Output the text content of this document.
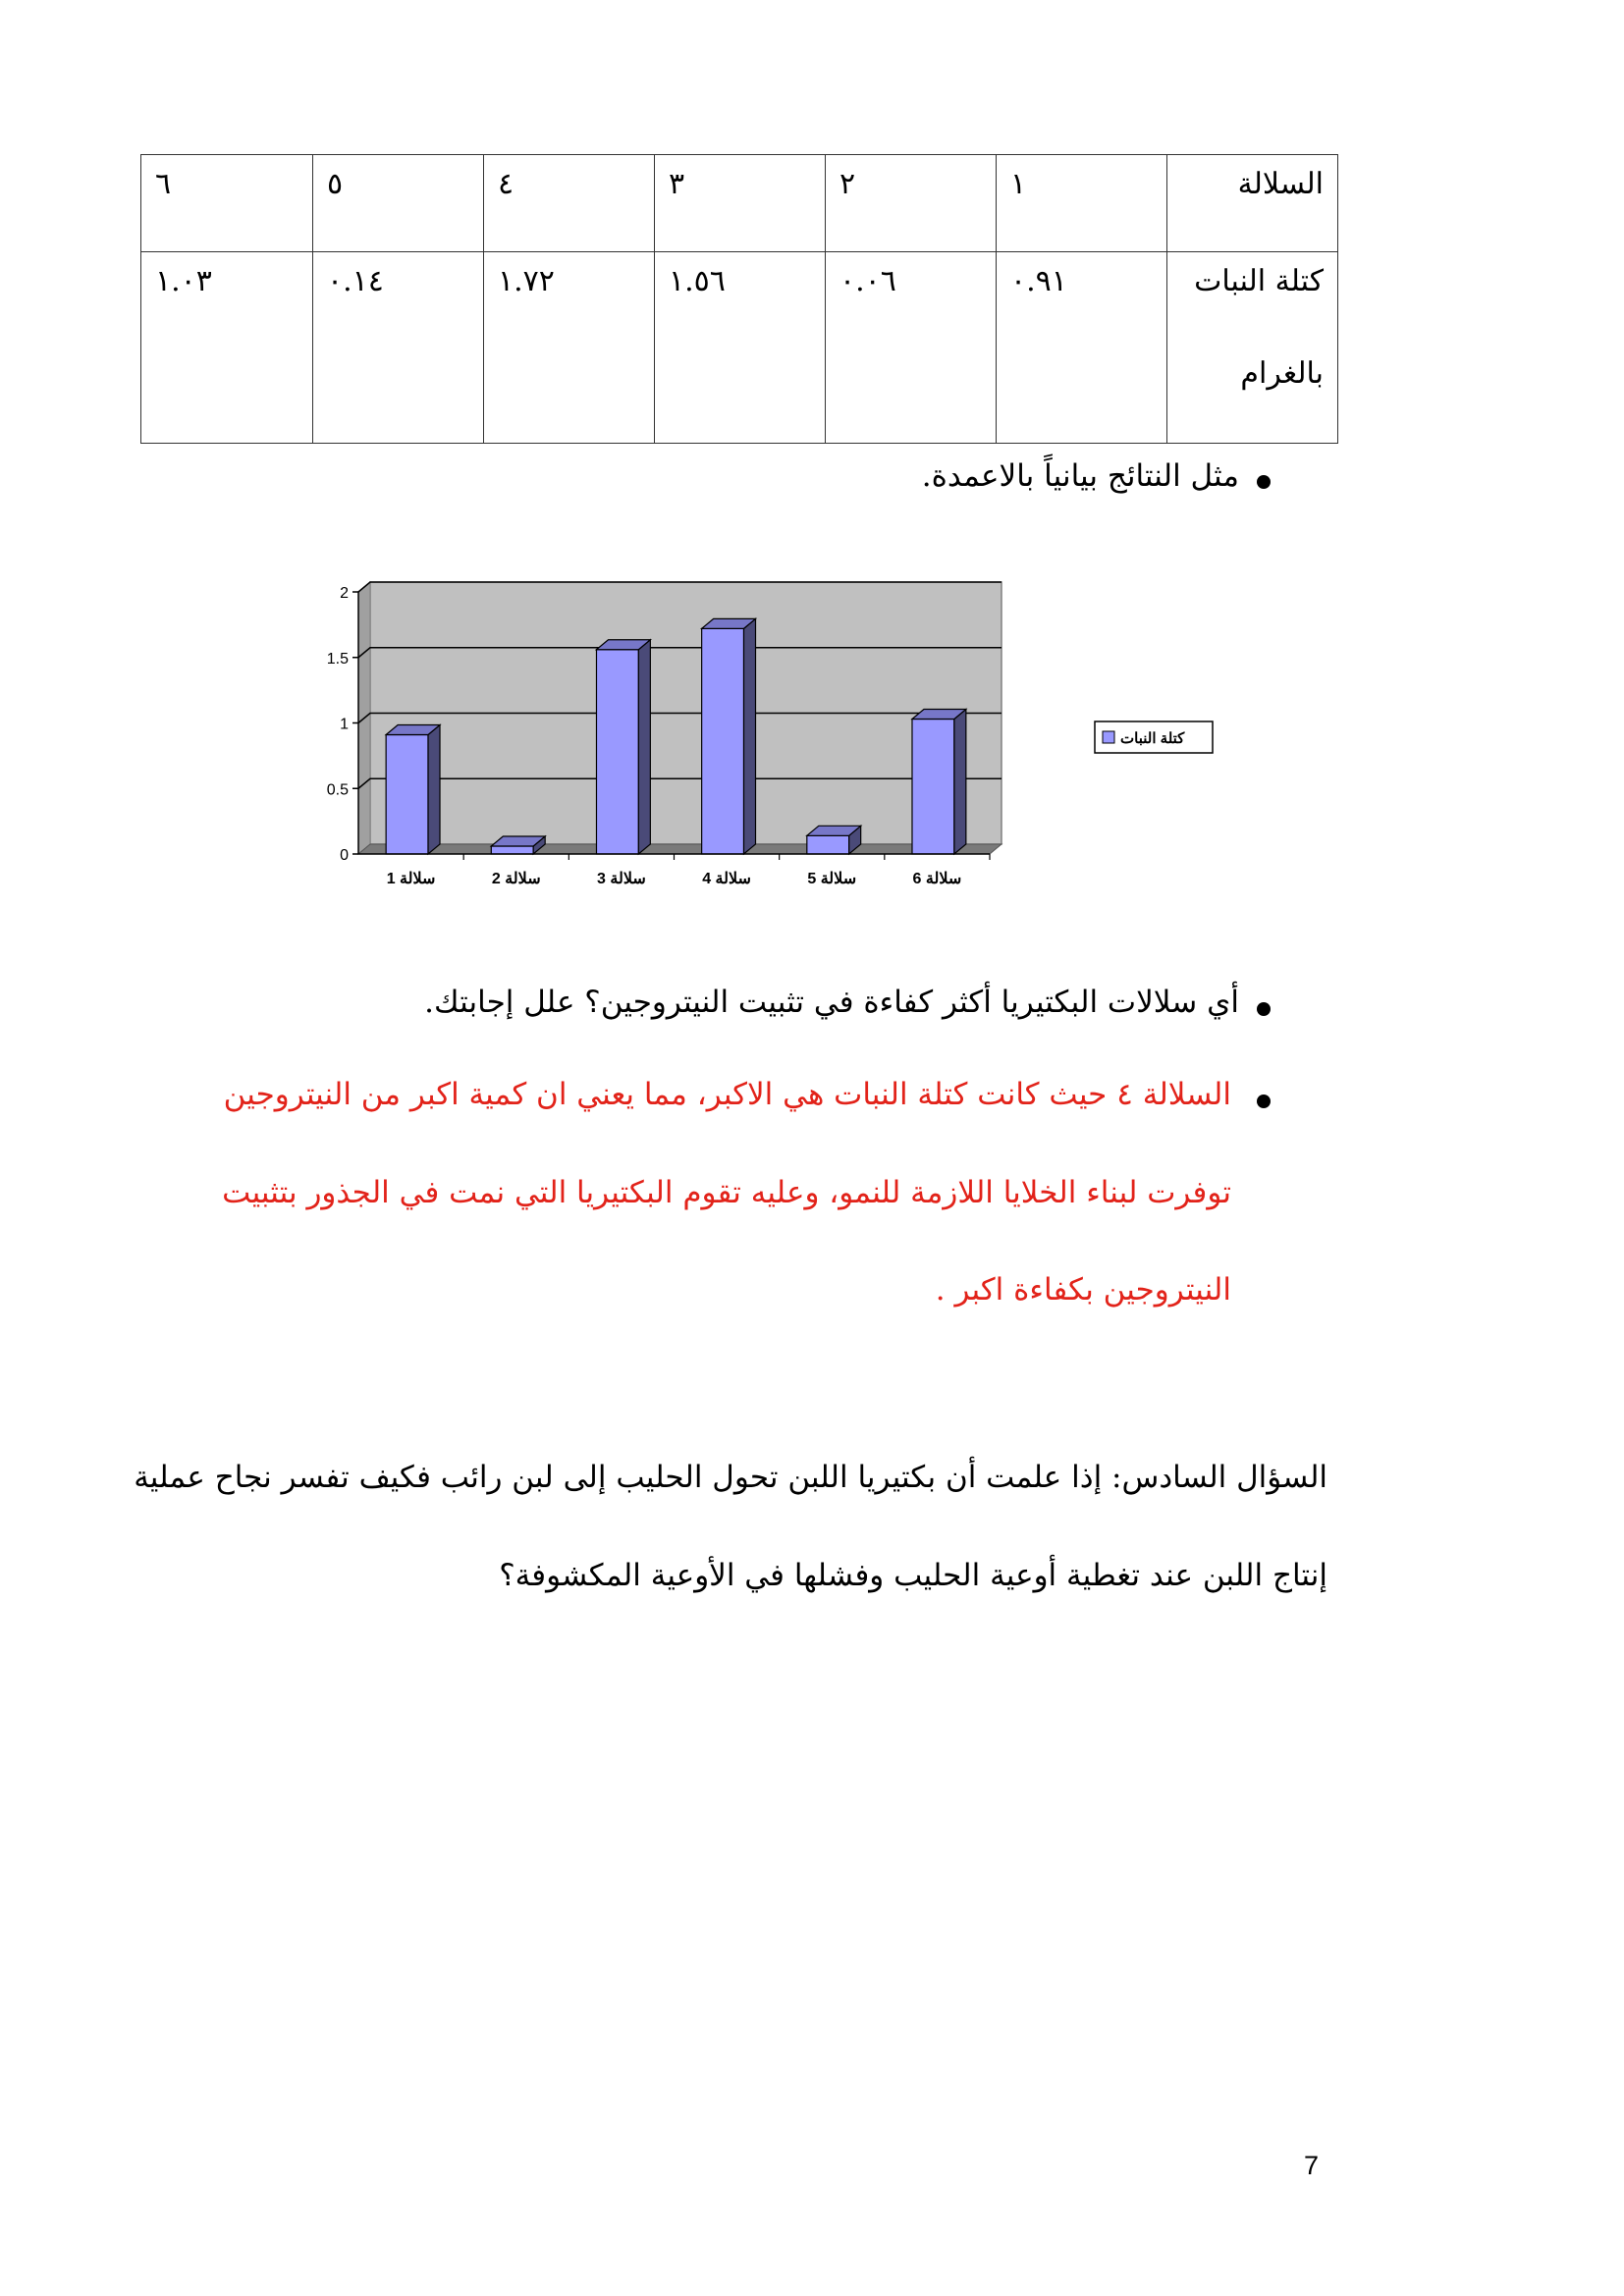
السلالة	١	٢	٣	٤	٥	٦
كتلة النبات
بالغرام	٠.٩١	٠.٠٦	١.٥٦	١.٧٢	٠.١٤	١.٠٣
مثل النتائج بيانياً بالاعمدة.
0
0.5
1
1.5
2
سلالة 1	سلالة 2	سلالة 3	سلالة 4	سلالة 5	سلالة 6
كتلة النبات
أي سلالات البكتيريا أكثر كفاءة في تثبيت النيتروجين؟ علل إجابتك.
السلالة ٤ حيث كانت كتلة النبات هي الاكبر، مما يعني ان كمية اكبر من النيتروجين
توفرت لبناء الخلايا اللازمة للنمو، وعليه تقوم البكتيريا التي نمت في الجذور بتثبيت
النيتروجين بكفاءة اكبر .
السؤال السادس: إذا علمت أن بكتيريا اللبن تحول الحليب إلى لبن رائب فكيف تفسر نجاح عملية
إنتاج اللبن عند تغطية أوعية الحليب وفشلها في الأوعية المكشوفة؟
7
